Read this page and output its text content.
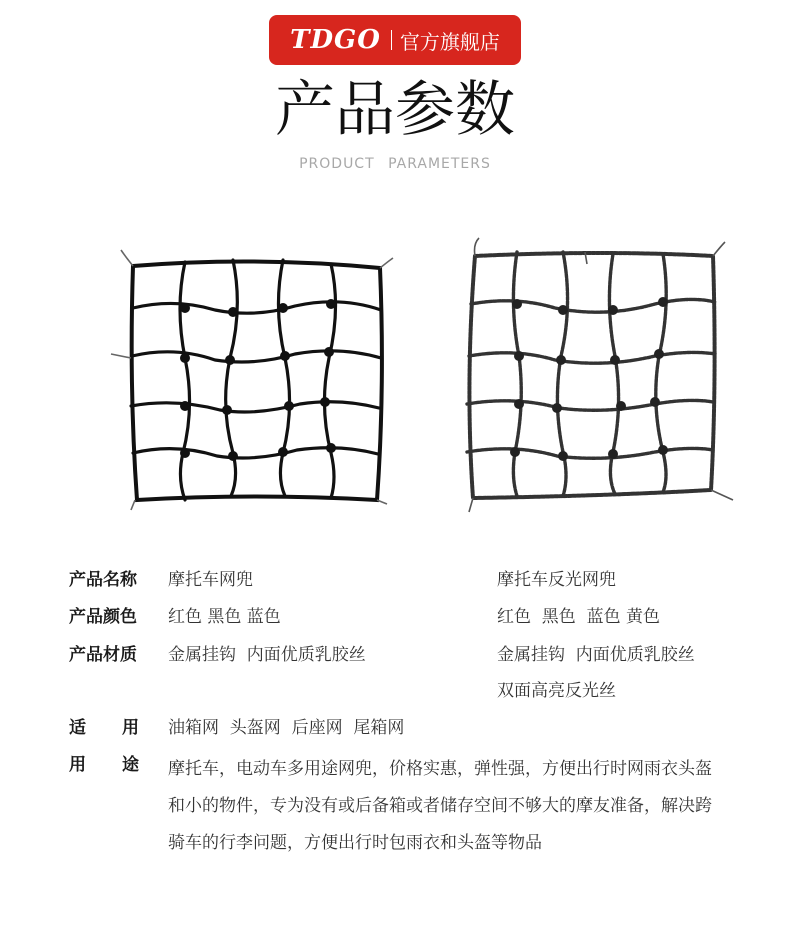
TDGO 官方旗舰店
产品参数
PRODUCT PARAMETERS
产品名称	摩托车网兜	摩托车反光网兜
产品颜色	红色 黑色 蓝色	红色  黑色  蓝色 黄色
产品材质	金属挂钩  内面优质乳胶丝	金属挂钩  内面优质乳胶丝
双面高亮反光丝
适用 油箱网  头盔网  后座网  尾箱网
用途 摩托车，电动车多用途网兜，价格实惠，弹性强，方便出行时网雨衣头盔和小的物件，专为没有或后备箱或者储存空间不够大的摩友准备，解决跨骑车的行李问题，方便出行时包雨衣和头盔等物品
